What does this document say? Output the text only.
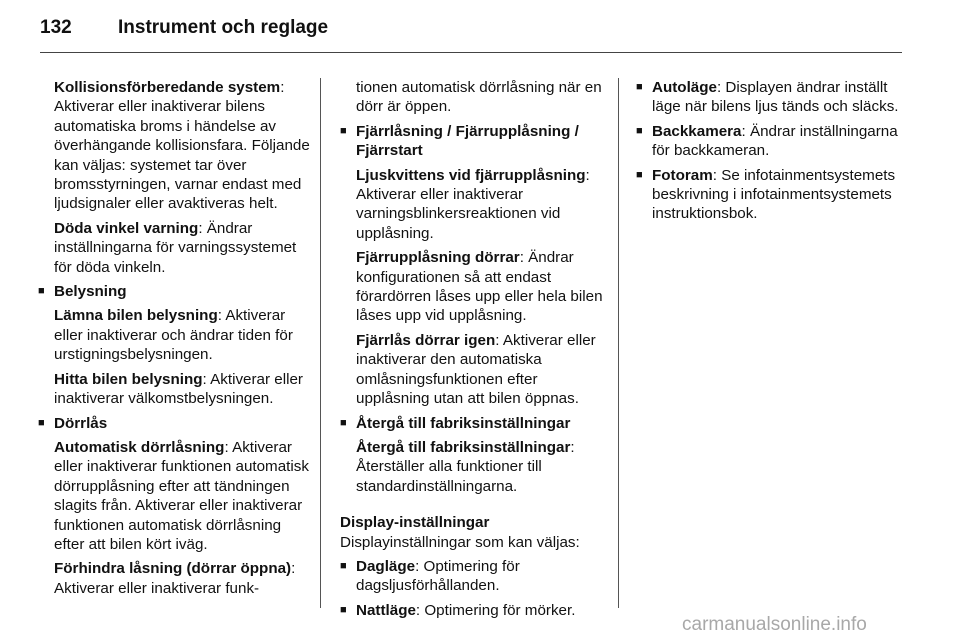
132 Instrument och reglage

Kollisionsförberedande system: Aktiverar eller inaktiverar bilens automatiska broms i händelse av överhängande kollisionsfara. Följande kan väljas: systemet tar över bromsstyrningen, varnar endast med ljudsignaler eller avaktiveras helt.

Döda vinkel varning: Ändrar inställningarna för varningssystemet för döda vinkeln.

■ Belysning

Lämna bilen belysning: Aktiverar eller inaktiverar och ändrar tiden för urstigningsbelysningen.

Hitta bilen belysning: Aktiverar eller inaktiverar välkomstbelysningen.

■ Dörrlås

Automatisk dörrlåsning: Aktiverar eller inaktiverar funktionen automatisk dörrupplåsning efter att tändningen slagits från. Aktiverar eller inaktiverar funktionen automatisk dörrlåsning efter att bilen kört iväg.

Förhindra låsning (dörrar öppna): Aktiverar eller inaktiverar funk-

tionen automatisk dörrlåsning när en dörr är öppen.

■ Fjärrlåsning / Fjärrupplåsning / Fjärrstart

Ljuskvittens vid fjärrupplåsning: Aktiverar eller inaktiverar varningsblinkersreaktionen vid upplåsning.

Fjärrupplåsning dörrar: Ändrar konfigurationen så att endast förardörren låses upp eller hela bilen låses upp vid upplåsning.

Fjärrlås dörrar igen: Aktiverar eller inaktiverar den automatiska omlåsningsfunktionen efter upplåsning utan att bilen öppnas.

■ Återgå till fabriksinställningar

Återgå till fabriksinställningar: Återställer alla funktioner till standardinställningarna.

Display-inställningar

Displayinställningar som kan väljas:

■ Dagläge: Optimering för dagsljusförhållanden.

■ Nattläge: Optimering för mörker.

■ Autoläge: Displayen ändrar inställt läge när bilens ljus tänds och släcks.

■ Backkamera: Ändrar inställningarna för backkameran.

■ Fotoram: Se infotainmentsystemets beskrivning i infotainmentsystemets instruktionsbok.

carmanualsonline.info
